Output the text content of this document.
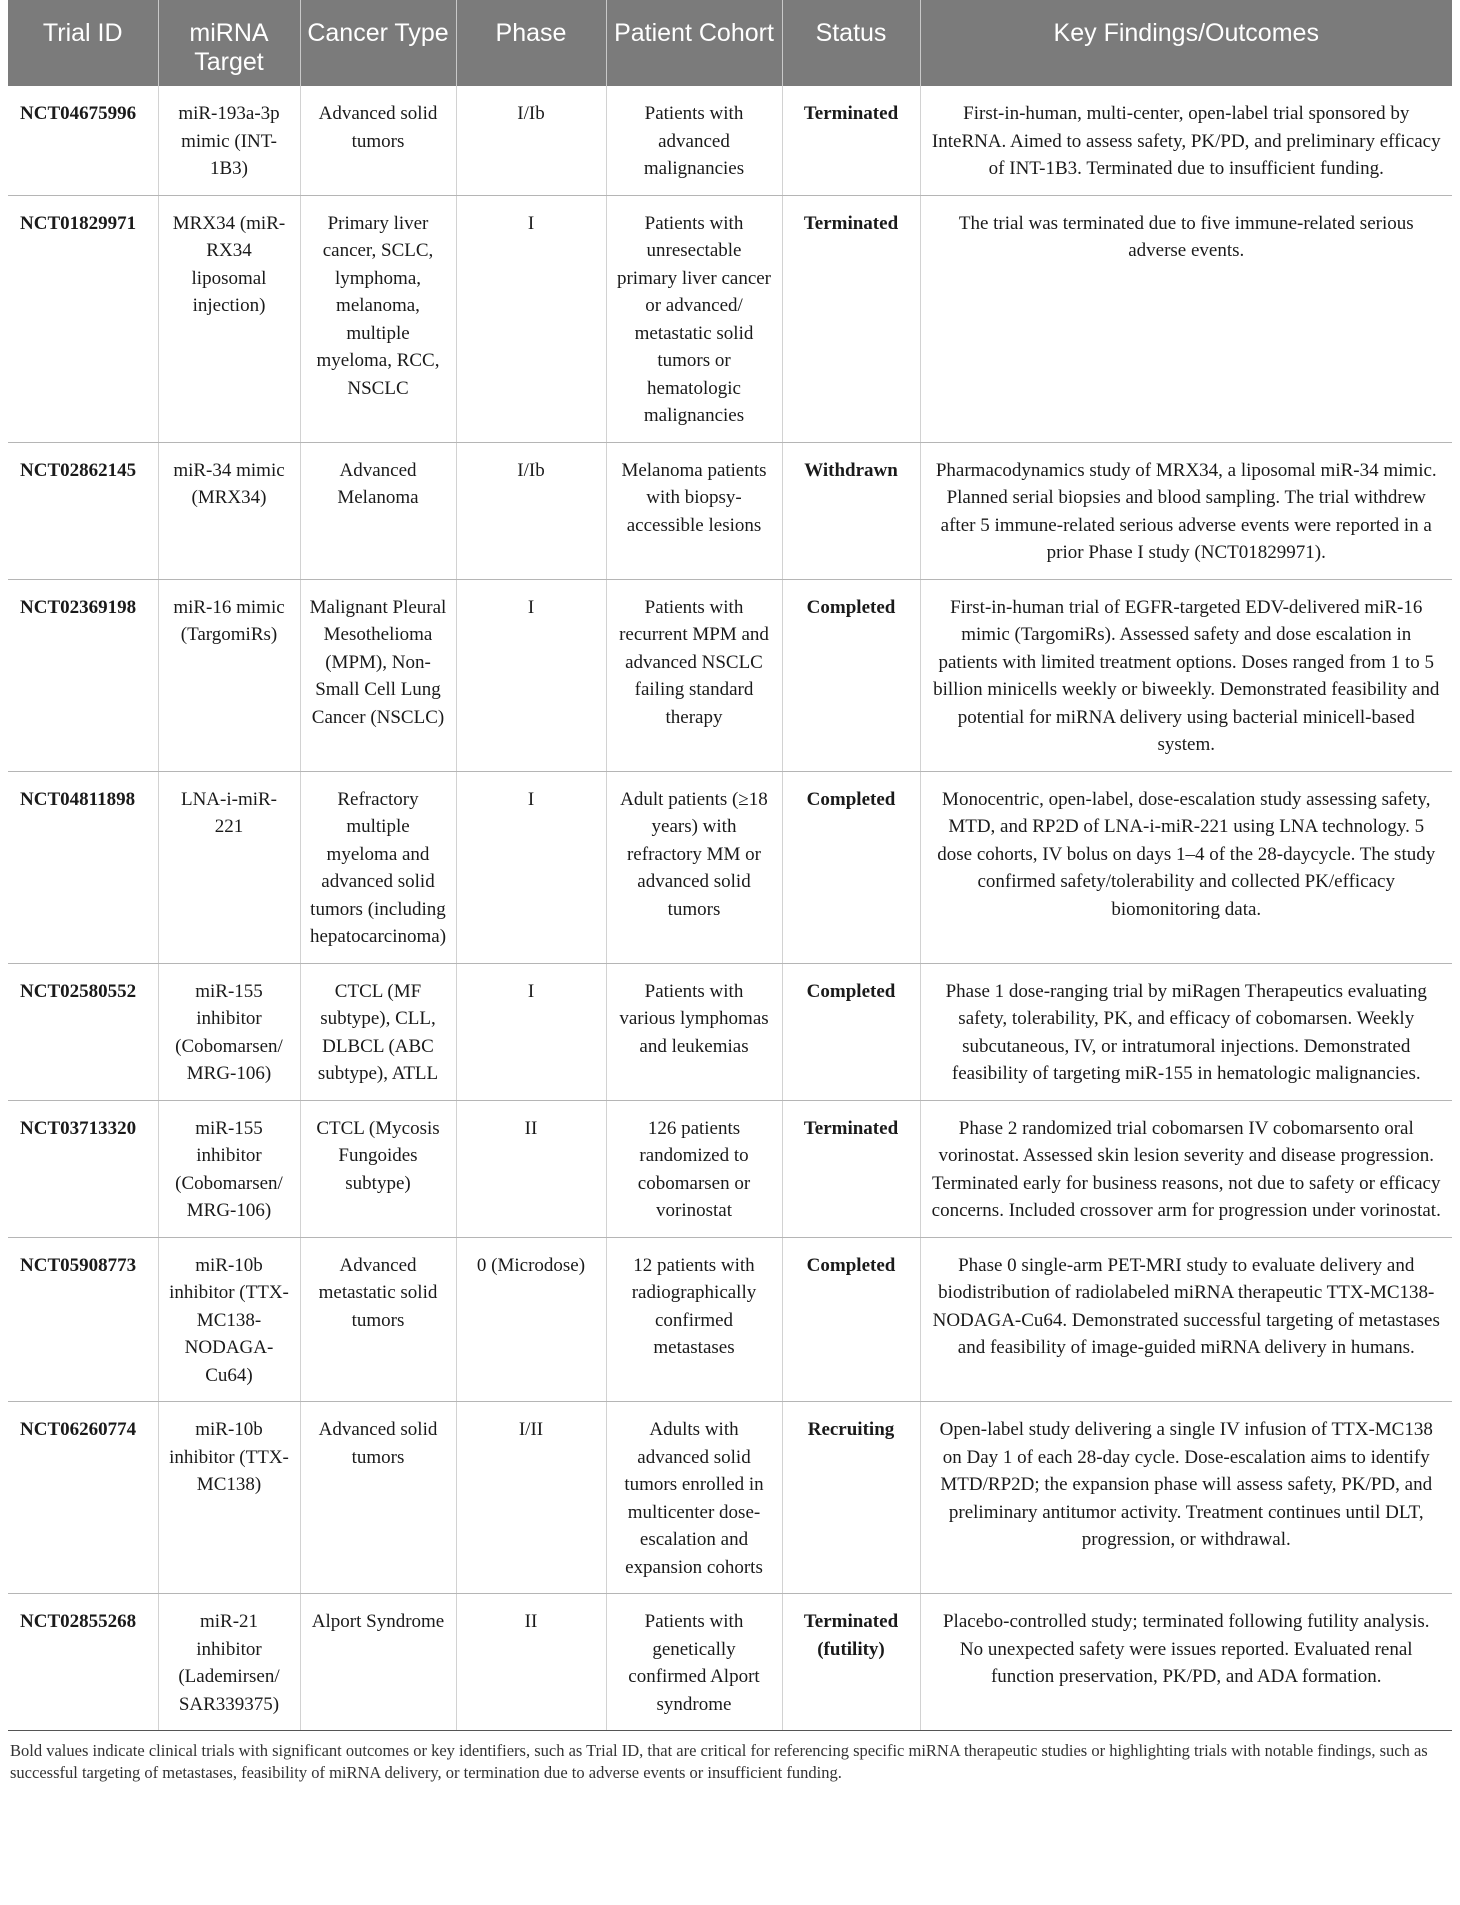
Trial ID	miRNA Target	Cancer Type	Phase	Patient Cohort	Status	Key Findings/Outcomes
NCT04675996	miR-193a-3p mimic (INT-1B3)	Advanced solid tumors	I/Ib	Patients with advanced malignancies	Terminated	First-in-human, multi-center, open-label trial sponsored by InteRNA. Aimed to assess safety, PK/PD, and preliminary efficacy of INT-1B3. Terminated due to insufficient funding.
NCT01829971	MRX34 (miR-RX34 liposomal injection)	Primary liver cancer, SCLC, lymphoma, melanoma, multiple myeloma, RCC, NSCLC	I	Patients with unresectable primary liver cancer or advanced/ metastatic solid tumors or hematologic malignancies	Terminated	The trial was terminated due to five immune-related serious adverse events.
NCT02862145	miR-34 mimic (MRX34)	Advanced Melanoma	I/Ib	Melanoma patients with biopsy-accessible lesions	Withdrawn	Pharmacodynamics study of MRX34, a liposomal miR-34 mimic. Planned serial biopsies and blood sampling. The trial withdrew after 5 immune-related serious adverse events were reported in a prior Phase I study (NCT01829971).
NCT02369198	miR-16 mimic (TargomiRs)	Malignant Pleural Mesothelioma (MPM), Non-Small Cell Lung Cancer (NSCLC)	I	Patients with recurrent MPM and advanced NSCLC failing standard therapy	Completed	First-in-human trial of EGFR-targeted EDV-delivered miR-16 mimic (TargomiRs). Assessed safety and dose escalation in patients with limited treatment options. Doses ranged from 1 to 5 billion minicells weekly or biweekly. Demonstrated feasibility and potential for miRNA delivery using bacterial minicell-based system.
NCT04811898	LNA-i-miR-221	Refractory multiple myeloma and advanced solid tumors (including hepatocarcinoma)	I	Adult patients (≥18 years) with refractory MM or advanced solid tumors	Completed	Monocentric, open-label, dose-escalation study assessing safety, MTD, and RP2D of LNA-i-miR-221 using LNA technology. 5 dose cohorts, IV bolus on days 1–4 of the 28-daycycle. The study confirmed safety/tolerability and collected PK/efficacy biomonitoring data.
NCT02580552	miR-155 inhibitor (Cobomarsen/ MRG-106)	CTCL (MF subtype), CLL, DLBCL (ABC subtype), ATLL	I	Patients with various lymphomas and leukemias	Completed	Phase 1 dose-ranging trial by miRagen Therapeutics evaluating safety, tolerability, PK, and efficacy of cobomarsen. Weekly subcutaneous, IV, or intratumoral injections. Demonstrated feasibility of targeting miR-155 in hematologic malignancies.
NCT03713320	miR-155 inhibitor (Cobomarsen/ MRG-106)	CTCL (Mycosis Fungoides subtype)	II	126 patients randomized to cobomarsen or vorinostat	Terminated	Phase 2 randomized trial cobomarsen IV cobomarsento oral vorinostat. Assessed skin lesion severity and disease progression. Terminated early for business reasons, not due to safety or efficacy concerns. Included crossover arm for progression under vorinostat.
NCT05908773	miR-10b inhibitor (TTX-MC138-NODAGA-Cu64)	Advanced metastatic solid tumors	0 (Microdose)	12 patients with radiographically confirmed metastases	Completed	Phase 0 single-arm PET-MRI study to evaluate delivery and biodistribution of radiolabeled miRNA therapeutic TTX-MC138-NODAGA-Cu64. Demonstrated successful targeting of metastases and feasibility of image-guided miRNA delivery in humans.
NCT06260774	miR-10b inhibitor (TTX-MC138)	Advanced solid tumors	I/II	Adults with advanced solid tumors enrolled in multicenter dose-escalation and expansion cohorts	Recruiting	Open-label study delivering a single IV infusion of TTX-MC138 on Day 1 of each 28-day cycle. Dose-escalation aims to identify MTD/RP2D; the expansion phase will assess safety, PK/PD, and preliminary antitumor activity. Treatment continues until DLT, progression, or withdrawal.
NCT02855268	miR-21 inhibitor (Lademirsen/ SAR339375)	Alport Syndrome	II	Patients with genetically confirmed Alport syndrome	Terminated (futility)	Placebo-controlled study; terminated following futility analysis. No unexpected safety were issues reported. Evaluated renal function preservation, PK/PD, and ADA formation.

Bold values indicate clinical trials with significant outcomes or key identifiers, such as Trial ID, that are critical for referencing specific miRNA therapeutic studies or highlighting trials with notable findings, such as successful targeting of metastases, feasibility of miRNA delivery, or termination due to adverse events or insufficient funding.
